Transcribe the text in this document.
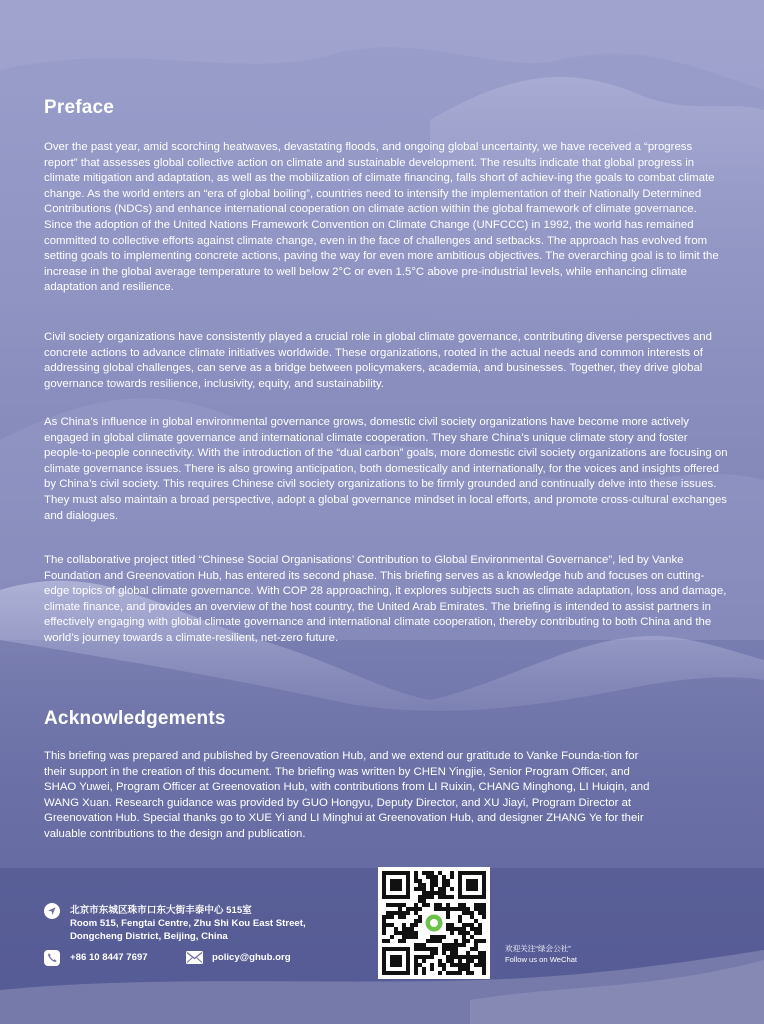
Preface

Over the past year, amid scorching heatwaves, devastating floods, and ongoing global uncertainty, we have received a “progress report” that assesses global collective action on climate and sustainable development. The results indicate that global progress in climate mitigation and adaptation, as well as the mobilization of climate financing, falls short of achiev-ing the goals to combat climate change. As the world enters an “era of global boiling”, countries need to intensify the implementation of their Nationally Determined Contributions (NDCs) and enhance international cooperation on climate action within the global framework of climate governance. Since the adoption of the United Nations Framework Convention on Climate Change (UNFCCC) in 1992, the world has remained committed to collective efforts against climate change, even in the face of challenges and setbacks. The approach has evolved from setting goals to implementing concrete actions, paving the way for even more ambitious objectives. The overarching goal is to limit the increase in the global average temperature to well below 2°C or even 1.5°C above pre-industrial levels, while enhancing climate adaptation and resilience.

Civil society organizations have consistently played a crucial role in global climate governance, contributing diverse perspectives and concrete actions to advance climate initiatives worldwide. These organizations, rooted in the actual needs and common interests of addressing global challenges, can serve as a bridge between policymakers, academia, and businesses. Together, they drive global governance towards resilience, inclusivity, equity, and sustainability.

As China’s influence in global environmental governance grows, domestic civil society organizations have become more actively engaged in global climate governance and international climate cooperation. They share China’s unique climate story and foster people-to-people connectivity. With the introduction of the “dual carbon” goals, more domestic civil society organizations are focusing on climate governance issues. There is also growing anticipation, both domestically and internationally, for the voices and insights offered by China’s civil society. This requires Chinese civil society organizations to be firmly grounded and continually delve into these issues. They must also maintain a broad perspective, adopt a global governance mindset in local efforts, and promote cross-cultural exchanges and dialogues.

The collaborative project titled “Chinese Social Organisations’ Contribution to Global Environmental Governance”, led by Vanke Foundation and Greenovation Hub, has entered its second phase. This briefing serves as a knowledge hub and focuses on cutting-edge topics of global climate governance. With COP 28 approaching, it explores subjects such as climate adaptation, loss and damage, climate finance, and provides an overview of the host country, the United Arab Emirates. The briefing is intended to assist partners in effectively engaging with global climate governance and international climate cooperation, thereby contributing to both China and the world’s journey towards a climate-resilient, net-zero future.

Acknowledgements

This briefing was prepared and published by Greenovation Hub, and we extend our gratitude to Vanke Founda-tion for their support in the creation of this document. The briefing was written by CHEN Yingjie, Senior Program Officer, and SHAO Yuwei, Program Officer at Greenovation Hub, with contributions from LI Ruixin, CHANG Minghong, LI Huiqin, and WANG Xuan. Research guidance was provided by GUO Hongyu, Deputy Director, and XU Jiayi, Program Director at Greenovation Hub. Special thanks go to XUE Yi and LI Minghui at Greenovation Hub, and designer ZHANG Ye for their valuable contributions to the design and publication.

北京市东城区珠市口东大街丰泰中心 515室
Room 515, Fengtai Centre, Zhu Shi Kou East Street,
Dongcheng District, Beijing, China
+86 10 8447 7697	policy@ghub.org
欢迎关注“绿会公社”
Follow us on WeChat
